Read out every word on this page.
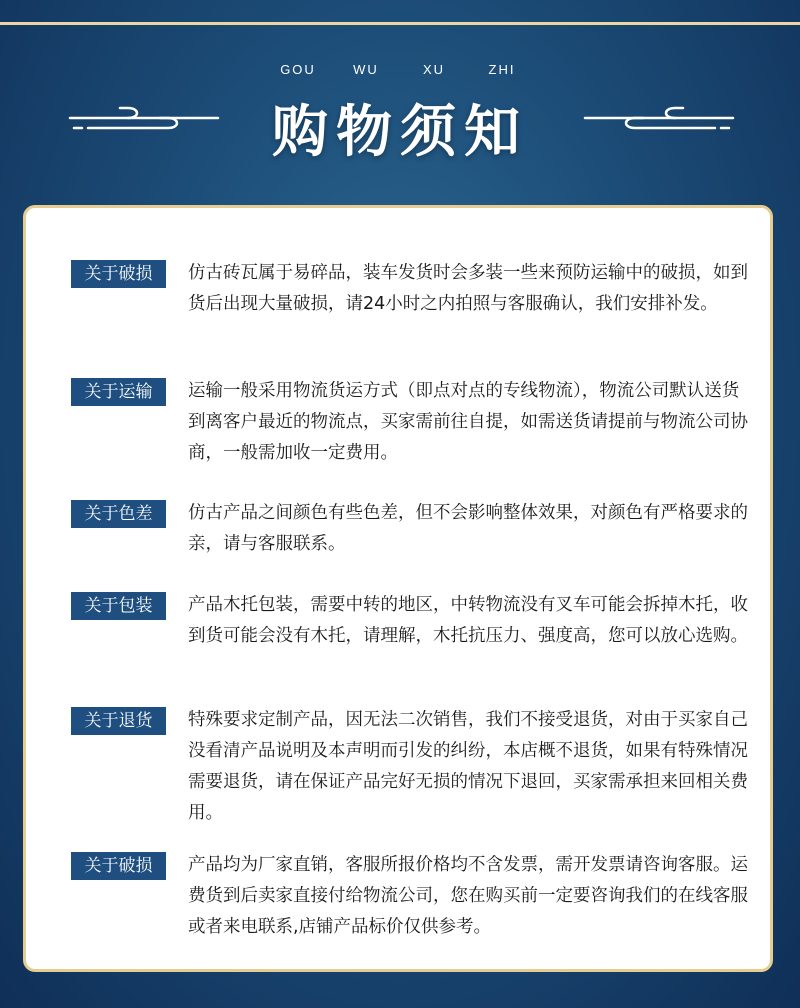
GOU	WU	XU	ZHI
购物须知
关于破损	仿古砖瓦属于易碎品，装车发货时会多装一些来预防运输中的破损，如到货后出现大量破损，请24小时之内拍照与客服确认，我们安排补发。
关于运输	运输一般采用物流货运方式（即点对点的专线物流），物流公司默认送货到离客户最近的物流点，买家需前往自提，如需送货请提前与物流公司协商，一般需加收一定费用。
关于色差	仿古产品之间颜色有些色差，但不会影响整体效果，对颜色有严格要求的亲，请与客服联系。
关于包装	产品木托包装，需要中转的地区，中转物流没有叉车可能会拆掉木托，收到货可能会没有木托，请理解，木托抗压力、强度高，您可以放心选购。
关于退货	特殊要求定制产品，因无法二次销售，我们不接受退货，对由于买家自己没看清产品说明及本声明而引发的纠纷，本店概不退货，如果有特殊情况需要退货，请在保证产品完好无损的情况下退回，买家需承担来回相关费用。
关于破损	产品均为厂家直销，客服所报价格均不含发票，需开发票请咨询客服。运费货到后卖家直接付给物流公司，您在购买前一定要咨询我们的在线客服或者来电联系,店铺产品标价仅供参考。
